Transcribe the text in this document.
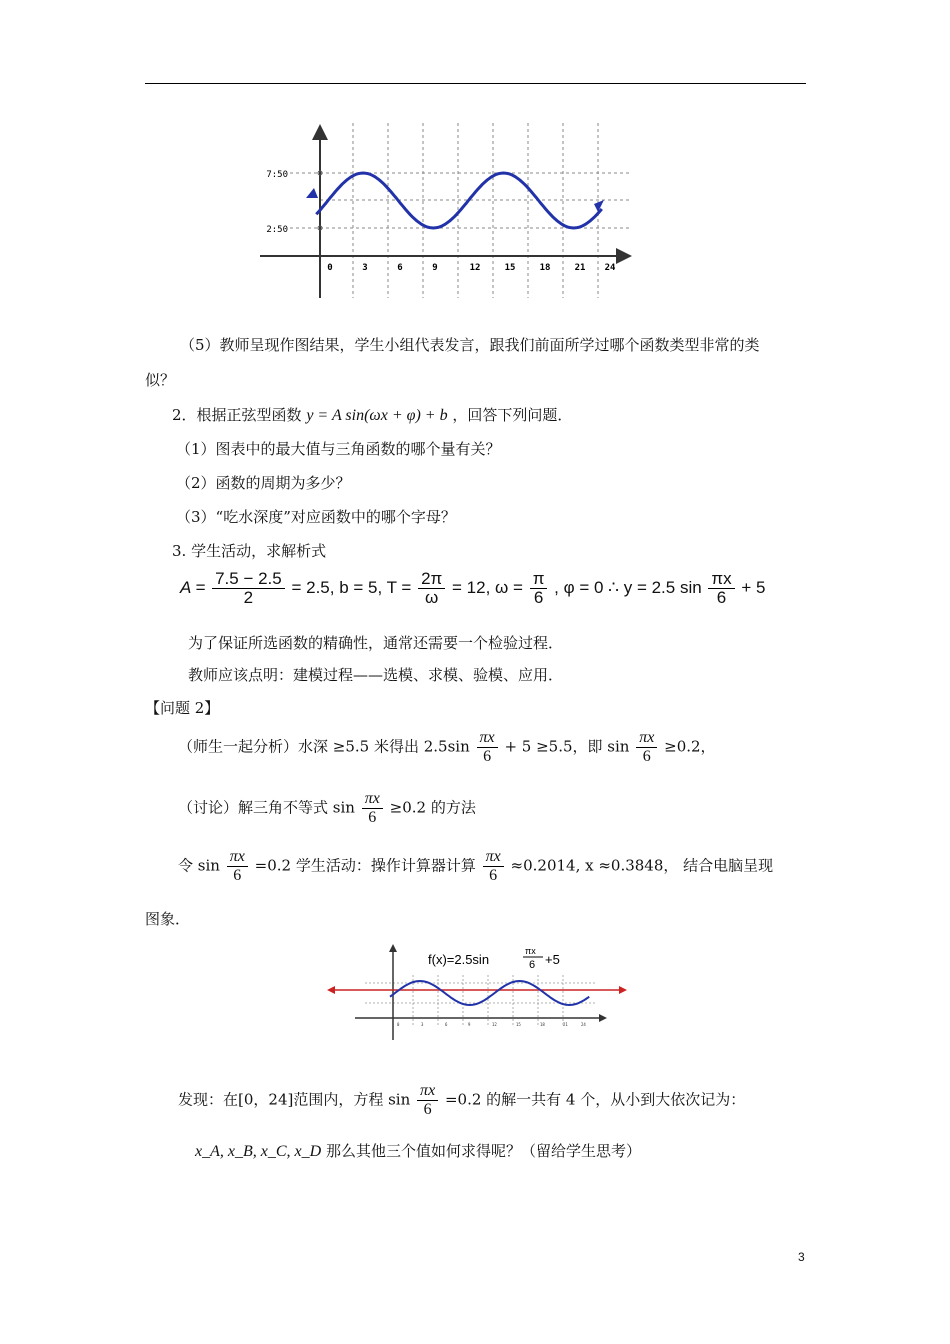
7:50
2:50
0	3	6	9	12	15	18	21 24
（5）教师呈现作图结果，学生小组代表发言，跟我们前面所学过哪个函数类型非常的类
似？
2．根据正弦型函数 y = A sin(ωx + φ) + b ，回答下列问题．
（1）图表中的最大值与三角函数的哪个量有关？
（2）函数的周期为多少？
（3）“吃水深度”对应函数中的哪个字母？
3. 学生活动，求解析式
$A = \frac{7.5 - 2.5}{2} = 2.5$, b = 5, $T = \frac{2\pi}{\omega} = 12$, $\omega = \frac{\pi}{6}$ , φ = 0 ∴ y = 2.5 $\sin \frac{\pi x}{6} + 5$
为了保证所选函数的精确性，通常还需要一个检验过程．
教师应该点明：建模过程——选模、求模、验模、应用．
【问题 2】
（师生一起分析）水深 ≥5.5 米得出 $2.5\sin \frac{\pi x}{6} + 5 \ge 5.5$，即 $\sin \frac{\pi x}{6} \ge 0.2$，
（讨论）解三角不等式 $\sin \frac{\pi x}{6} \ge 0.2$ 的方法
令 $\sin \frac{\pi x}{6} =0.2$ 学生活动：操作计算器计算 $\frac{\pi x}{6} \approx 0.2014$, x ≈0.3848， 结合电脑呈现
图象．
f(x)=2.5sin
πx
6 +5
0	3	6	9	12	15	18	21	24
发现：在[0，24]范围内，方程 $\sin \frac{\pi x}{6} =0.2$ 的解一共有 4 个，从小到大依次记为：
x_A, x_B, x_C, x_D 那么其他三个值如何求得呢？（留给学生思考）
3
